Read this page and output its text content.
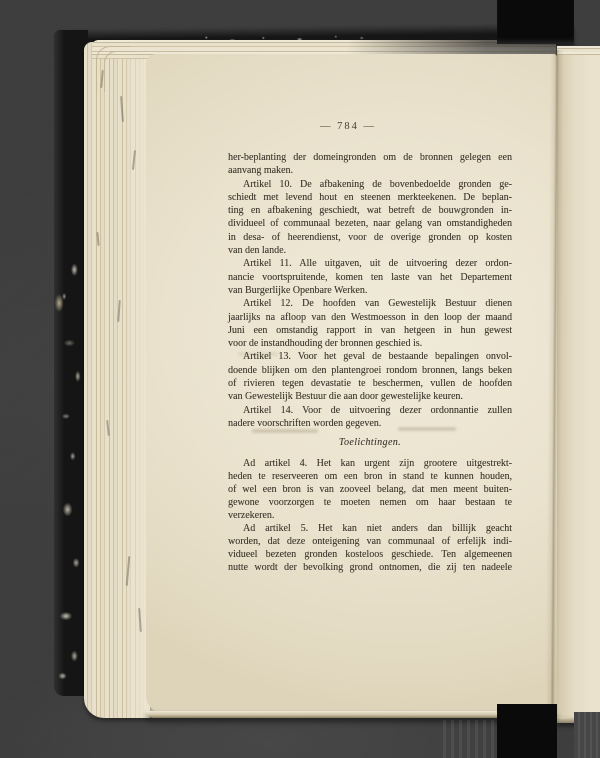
— 784 —
her-beplanting der domeingronden om de bronnen gelegen een
aanvang maken.
Artikel 10. De afbakening de bovenbedoelde gronden ge-
schiedt met levend hout en steenen merkteekenen. De beplan-
ting en afbakening geschiedt, wat betreft de bouwgronden in-
dividueel of communaal bezeten, naar gelang van omstandigheden
in desa- of heerendienst, voor de overige gronden op kosten
van den lande.
Artikel 11. Alle uitgaven, uit de uitvoering dezer ordon-
nancie voortspruitende, komen ten laste van het Departement
van Burgerlijke Openbare Werken.
Artikel 12. De hoofden van Gewestelijk Bestuur dienen
jaarlijks na afloop van den Westmoesson in den loop der maand
Juni een omstandig rapport in van hetgeen in hun gewest
voor de instandhouding der bronnen geschied is.
Artikel 13. Voor het geval de bestaande bepalingen onvol-
doende blijken om den plantengroei rondom bronnen, langs beken
of rivieren tegen devastatie te beschermen, vullen de hoofden
van Gewestelijk Bestuur die aan door gewestelijke keuren.
Artikel 14. Voor de uitvoering dezer ordonnantie zullen
nadere voorschriften worden gegeven.
Toelichtingen.
Ad artikel 4. Het kan urgent zijn grootere uitgestrekt-
heden te reserveeren om een bron in stand te kunnen houden,
of wel een bron is van zooveel belang, dat men meent buiten-
gewone voorzorgen te moeten nemen om haar bestaan te
verzekeren.
Ad artikel 5. Het kan niet anders dan billijk geacht
worden, dat deze onteigening van communaal of erfelijk indi-
vidueel bezeten gronden kosteloos geschiede. Ten algemeenen
nutte wordt der bevolking grond ontnomen, die zij ten nadeele
